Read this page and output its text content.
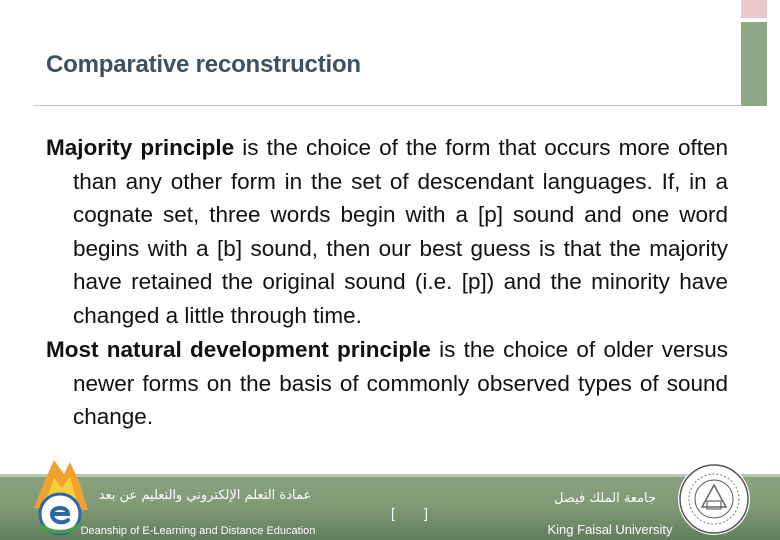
Comparative reconstruction

Majority principle is the choice of the form that occurs more often than any other form in the set of descendant languages. If, in a cognate set, three words begin with a [p] sound and one word begins with a [b] sound, then our best guess is that the majority have retained the original sound (i.e. [p]) and the minority have changed a little through time.

Most natural development principle is the choice of older versus newer forms on the basis of commonly observed types of sound change.

عمادة التعلم الإلكتروني والتعليم عن بعد
Deanship of E-Learning and Distance Education
[ ]
جامعة الملك فيصل
King Faisal University
